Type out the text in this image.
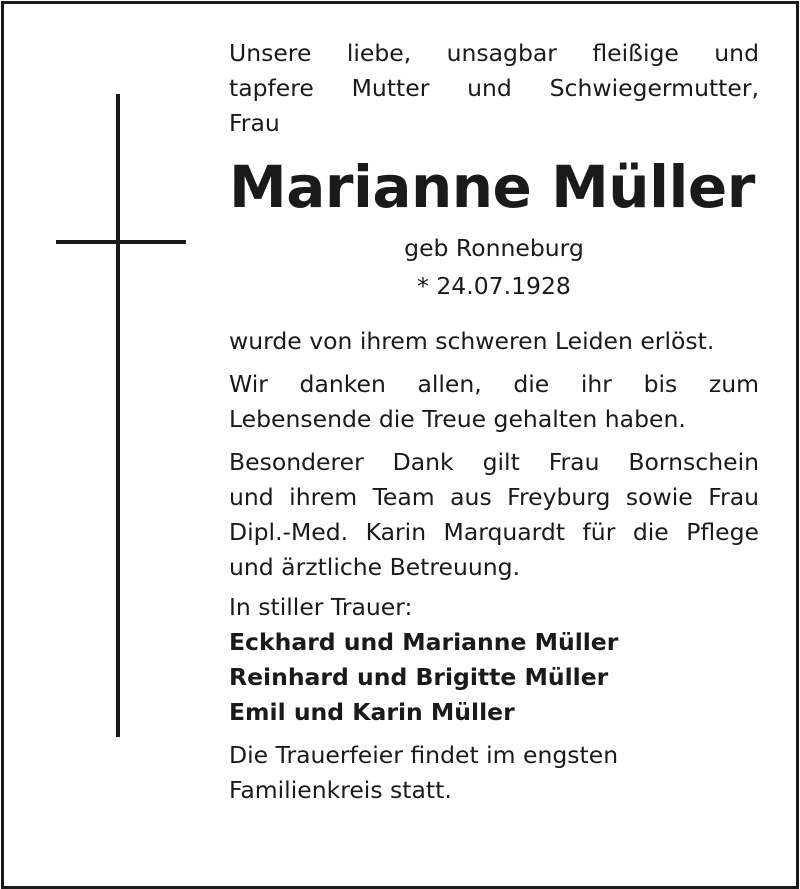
Unsere liebe, unsagbar fleißige und
tapfere Mutter und Schwiegermutter,
Frau

Marianne Müller

geb Ronneburg

* 24.07.1928

wurde von ihrem schweren Leiden erlöst.

Wir danken allen, die ihr bis zum
Lebensende die Treue gehalten haben.

Besonderer Dank gilt Frau Bornschein
und ihrem Team aus Freyburg sowie Frau
Dipl.-Med. Karin Marquardt für die Pflege
und ärztliche Betreuung.

In stiller Trauer:

Eckhard und Marianne Müller

Reinhard und Brigitte Müller

Emil und Karin Müller

Die Trauerfeier findet im engsten
Familienkreis statt.
